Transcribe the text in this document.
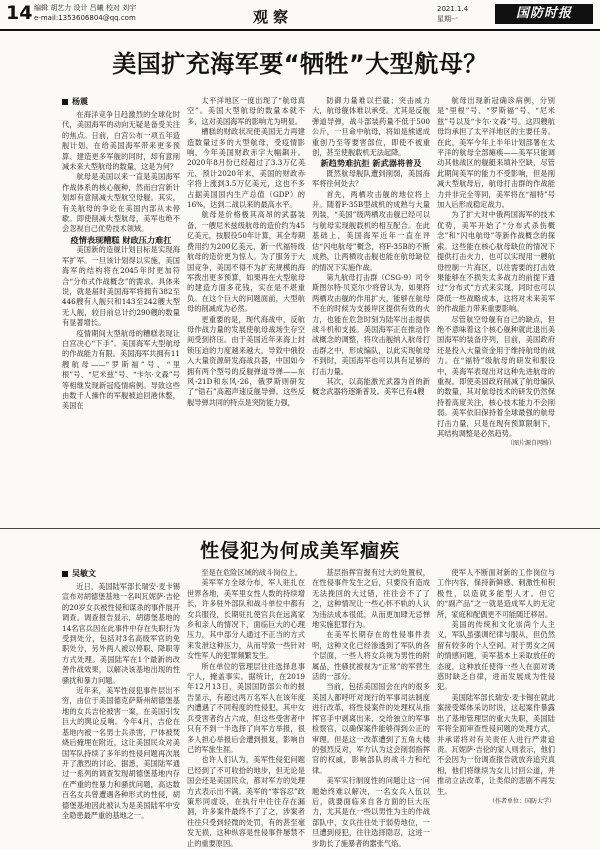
14 编辑 胡艺力 设计 吕曦 校对 刘宇
e-mail:1353606804@qq.com	观察	2021.1.4
星期一	国防时报
美国扩充海军要“牺牲”大型航母？
杨震

在海洋竞争日趋激烈的全球化时代，美国海军的动向无疑是备受关注的焦点。日前，白宫公布一项五年造舰计划，在给美国海军带来更多预算、建造更多军舰的同时，却有意削减未来大型航母的数量，这是为何？

航母是美国以来一直是美国海军作战体系的核心舰种，然而白宫新计划却有意削减大型航空母舰。其实，有关航母的争论在美国内部从未停歇。即使削减大型航母，美军也绝不会忽视自己优势技术领域。

疫情表现糟糕 财政压力难扛

美国新的造舰计划目标是实现海军扩军。一旦该计划得以实施，美国海军的结构将在2045年时更加符合“分布式作战概念”的需求。具体来说，就是届时美国海军将拥有382至446艘有人舰只和143至242艘大型无人舰，较目前总计约290艘的数量有显著增长。

疫情期间大型航母的糟糕表现让白宫决心“下手”。美国海军大型航母的作战能力有限。美国海军共拥有11艘航母——“罗斯福”号、“里根”号、“尼米兹”号、“卡尔·文森”号等相继发现新冠疫情病例。导致这些由数千人操作的军舰被迫回港休整，美国在

太平洋地区一度出现了“航母真空”。美国大型航母的数量本就不多，这对美国海军的影响尤为明显。

槽糕的财政状况使美国无力再建造数量过多的大型航母，受疫情影响，今年美国财政赤字大幅飙升。2020年8月份已经超过了3.3万亿美元，预计2020年末，美国的财政赤字将上涨到3.5万亿美元，这也不多占据美国国内生产总值（GDP）的16%，达到二战以来的最高水平。

航母是价格极其高昂的武器装备，一艘尼米兹级航母的造价约为45亿美元，按服役50年计算，其全寿期费用约为200亿美元，新一代福特级航母的造价更为惊人。为了服务于大国竞争，美国不得不为扩充规模的海军拨出更多预算，如果再在大型航母的建造方面多花钱，实在是不堪重负。在这个巨大的问题面前，大型航母的削减成为必然。

更重要的是，现代海战中，反航母作战力量的发展使航母战场生存空间受到挤压。由于美国近年来海上封锁压迫的力度越来越大，导致中俄投入大量资源研发海战兵器，中国如今拥有两个型号的反舰弹道导弹——东风-21D和东风-26，俄罗斯则研发了“锆石”高超声速反舰导弹。这些反舰导弹共同的特点是突防能力强，

防御力量难以拦截；突击威力大，航母舰体难以承受。尤其是反舰弹道导弹，战斗部装药量不低于500公斤，一旦命中航母，将如是熊遮成重创乃至等要害部位，即使不被重创，甚至使舰载机无法起降。

新趋势难抗拒 新武器将普及

既然航母舰队遭到削弱，美国海军将往何处去？

首先，两栖攻击舰的地位将上升。随着F-35B型战机的成熟与大量列装，“美国”级两栖攻击舰已经可以与航母实现舰载机的相互配合。在此基础上，美国海军近年一直在评估“闪电航母”概念，将F-35B的不断成熟，让两栖攻击舰也能在航母缺位的情况下实施作战。

第九航母打击群（CSG-9）司令斯图尔特·贝克尔少将曾认为，如果将两栖攻击舰的作用扩大，能够在航母不在的时候为支援岸区提供有效的火力，也能在危急时刻为陆军出击提供战斗机和支援。美国海军正在推动作战概念的调整，将攻击舰纳入航母打击群之中，形成编队，以此实现航母不到时，美国海军也可以具有足够的打击力量。

其次，以高能激光武器为首的新概念武器将逐渐普及。美军已有4艘

航母出现新冠确诊病例，分别是“里根”号、“罗斯福”号、“尼米兹”号以及“卡尔·文森”号。这四艘航母均承担了太平洋地区的主要任务。在此，美军今年上半年计划部署在太平洋的航母全部瘫痪——美军只能调动其他战区的舰艇来填补空缺，尽管此期间美军的能力不受影响，但是削减大型航母后，航母打击群的作战能力并非完全等同，美军将在“福特”号加入后形成稳定战力。

为了扩大对中俄两国海军的技术优势，美军开始了“分布式杀伤概念”和“闪电航母”等新作战概念的探索。这些能在核心航母缺位的情况下提供打击火力，也可以实现用一艘航母控制一片海区，以往需要的打击效果能够在不损失太多战力的前提下通过“分布式”方式来实现，同时也可以降低一些战略成本，这将对未来美军的作战能力带来重要影响。

尽管航空母舰有自己的缺点，但绝不意味着这个核心舰种就此退出美国海军的装备序列，目前，美国政府还是投入大量资金用于维持航母的战力。在“福特”级航母的研发和服役中，美海军表现出对这种先进航母的重视。即使美国政府削减了航母编队的数量，其对航母技术的研发仍然保持着高度关注，核心技术能力不会削弱。美军依旧保持着全球最强的航母打击力量，只是在现有预算限制下，其结构调整是必然趋势。

（图片源自网络）

性侵犯为何成美军痼疾
吴敏文

近日，美国陆军部长瑞安·麦卡锡宣布对胡德堡基地一名叫瓦妮萨·吉伦的20岁女兵被性侵和谋杀的事件展开调查。调查报告显示，胡德堡基地的14名官兵因在此事件中存在失职行为受到处分，包括对3名高级军官的免职处分，另外两人被以停职、降职等方式处理。美国陆军在1个最新的改善作战效果，以解决该基地出现的性骚扰和暴力问题。

近年来，美军性侵犯事件层出不穷，由位于美国德克萨斯州胡德堡基地的女兵吉伦被害一案，在美国引发巨大的舆论反响。今年4月，吉伦在基地内被一名男士兵杀害，尸体被焚烧后掩埋在附近，这让美国民众对美国军队持续了多年的性侵问题再次展开了激烈的讨论。据悉，美国陆军通过一系列的调查发现胡德堡基地内存在严重的性暴力和骚扰问题，高达数百名女兵曾遭遇各种形式的性侵，胡德堡基地因此被认为是美国陆军中安全隐患最严重的基地之一。

至是在危险区域的战斗岗位上。

美军军方全球分布，军人驻扎在世界各地，美军里女性人数的持续增长，许多驻外部队和战斗单位中都有女兵服役，长期驻扎使官兵在远离家乡和亲人的情况下，面临巨大的心理压力，其中部分人通过不正当的方式来发泄这种压力，从而导致一些针对女性军人的犯罪频繁发生。

所在单位的管理层往往选择息事宁人，掩盖事实。据统计，在2019年12月13日，美国国防部公布的报告显示，有超过两万名军人在该年度内遭遇了不同程度的性侵犯，其中女兵受害者约占六成，但这些受害者中只有不到一半选择了向军方举报，很多人担心举报后会遭到报复，影响自己的军旅生涯。

也许人们认为，美军性侵犯问题已经到了不可收拾的地步，但无论是国会还是美国民众，都对军方的处理方式表示出不满。美军的“零容忍”政策形同虚设，在执行中往往存在漏洞，许多案件最终不了了之，涉案者往往只受到轻微的处罚，有的甚至毫发无损，这种纵容是性侵事件屡禁不止的重要原因。

基层指挥官握有过大的处置权，在性侵事件发生之后，只要没有造成无法挽回的大过错，往往会不了了之，这种情况让一些心怀不轨的人认为违法成本很低，从而更加肆无忌惮地实施犯罪行为。

在美军长期存在的性侵事件表明，这种文化已经渗透到了军队的各个层面，一些人将女兵视为男性的附属品，性骚扰被视为“正常”的军营生活的一部分。

当前，包括美国国会在内的很多美国人都呼吁对现行的军事司法制度进行改革，将性侵案件的处理权从指挥官手中剥离出来，交给独立的军事检察官，以确保案件能够得到公正的审理。但是这一改革遭到了五角大楼的强烈反对，军方认为这会削弱指挥官的权威，影响部队的战斗力和纪律。

美军实行制度性的问题让这一问题始终难以解决，一名女兵入伍以后，就要面临来自各方面的巨大压力，尤其是在一些以男性为主的作战部队中，女兵往往处于弱势地位，一旦遭到侵犯，往往选择隐忍，这进一步助长了施暴者的嚣张气焰。

使军人不断面对新的工作岗位与工作内容，保持新鲜感、刺激性和积极性，以造就多能型人才。但它的“副产品”之一就是造成军人的无定所，家庭和配偶更不可能随迁移居。

美国的传统和文化崇尚个人主义，军队虽强调纪律与服从，但仍然留有较多的个人空间。对于男女之间的情感问题，美军基本上采取放任的态度，这种放任使得一些人在面对诱惑时缺乏自律，进而发展成为性侵犯。

美国陆军部长瑞安·麦卡锡在就此案接受媒体采访时说，这起案件暴露出了基地管理层的重大失职，美国陆军将全面审查性侵问题的处理方式，并承诺将对有关责任人进行严肃追责。瓦妮萨·吉伦的家人则表示，他们不会因为一份调查报告就放弃追究真相，他们将继续为女儿讨回公道，并推动立法改革，让类似的悲剧不再发生。

（作者单位：国防大学）
